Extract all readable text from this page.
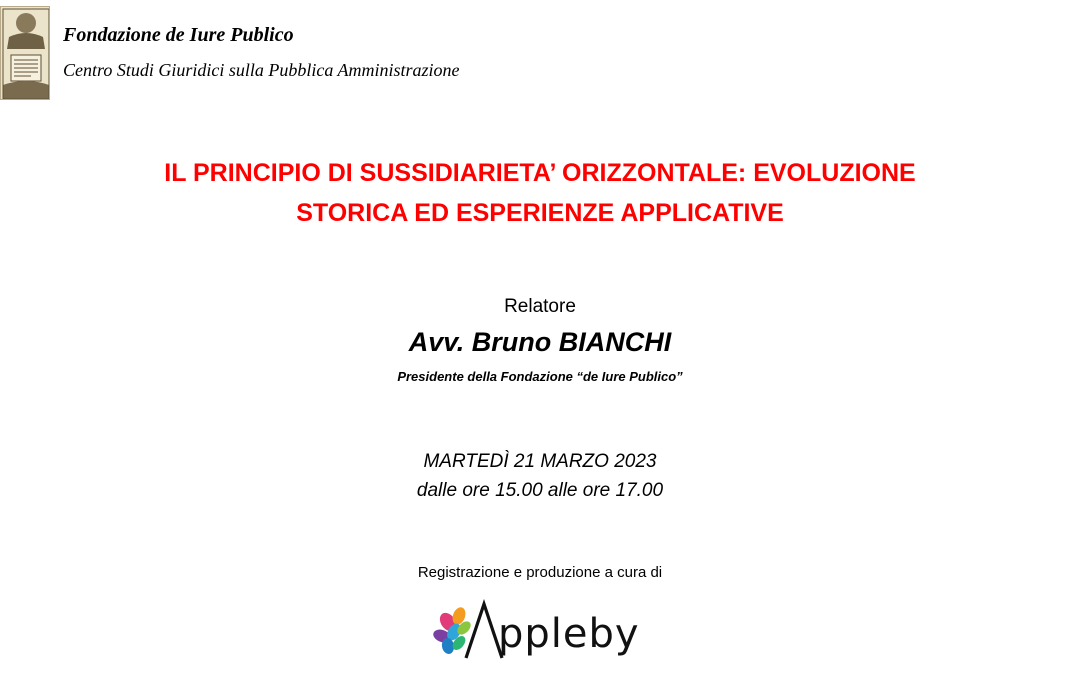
Fondazione de Iure Publico
Centro Studi Giuridici sulla Pubblica Amministrazione
IL PRINCIPIO DI SUSSIDIARIETA’ ORIZZONTALE: EVOLUZIONE
STORICA ED ESPERIENZE APPLICATIVE
Relatore
Avv. Bruno BIANCHI
Presidente della Fondazione “de Iure Publico”
MARTEDÌ 21 MARZO 2023
dalle ore 15.00 alle ore 17.00
Registrazione e produzione a cura di
ppleby
